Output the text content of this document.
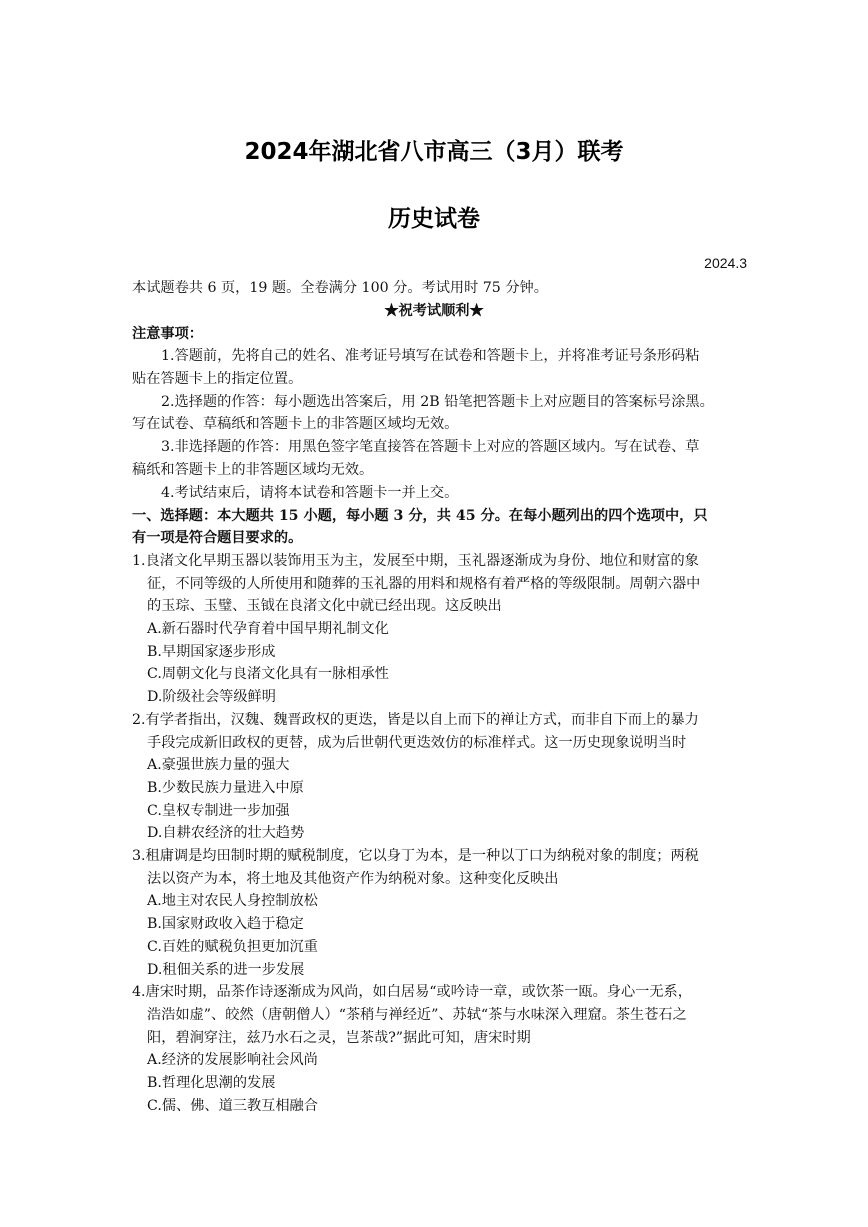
2024年湖北省八市高三（3月）联考
历史试卷
2024.3
本试题卷共 6 页，19 题。全卷满分 100 分。考试用时 75 分钟。
★祝考试顺利★
注意事项：
1.答题前，先将自己的姓名、准考证号填写在试卷和答题卡上，并将准考证号条形码粘
贴在答题卡上的指定位置。
2.选择题的作答：每小题选出答案后，用 2B 铅笔把答题卡上对应题目的答案标号涂黑。
写在试卷、草稿纸和答题卡上的非答题区域均无效。
3.非选择题的作答：用黑色签字笔直接答在答题卡上对应的答题区域内。写在试卷、草
稿纸和答题卡上的非答题区域均无效。
4.考试结束后，请将本试卷和答题卡一并上交。
一、选择题：本大题共 15 小题，每小题 3 分，共 45 分。在每小题列出的四个选项中，只
有一项是符合题目要求的。
1.良渚文化早期玉器以装饰用玉为主，发展至中期，玉礼器逐渐成为身份、地位和财富的象
征，不同等级的人所使用和随葬的玉礼器的用料和规格有着严格的等级限制。周朝六器中
的玉琮、玉璧、玉钺在良渚文化中就已经出现。这反映出
A.新石器时代孕育着中国早期礼制文化
B.早期国家逐步形成
C.周朝文化与良渚文化具有一脉相承性
D.阶级社会等级鲜明
2.有学者指出，汉魏、魏晋政权的更迭，皆是以自上而下的禅让方式，而非自下而上的暴力
手段完成新旧政权的更替，成为后世朝代更迭效仿的标准样式。这一历史现象说明当时
A.豪强世族力量的强大
B.少数民族力量进入中原
C.皇权专制进一步加强
D.自耕农经济的壮大趋势
3.租庸调是均田制时期的赋税制度，它以身丁为本，是一种以丁口为纳税对象的制度；两税
法以资产为本，将土地及其他资产作为纳税对象。这种变化反映出
A.地主对农民人身控制放松
B.国家财政收入趋于稳定
C.百姓的赋税负担更加沉重
D.租佃关系的进一步发展
4.唐宋时期，品茶作诗逐渐成为风尚，如白居易“或吟诗一章，或饮茶一瓯。身心一无系，
浩浩如虚”、皎然（唐朝僧人）“茶稍与禅经近”、苏轼“茶与水味深入理窟。茶生苍石之
阳，碧涧穿注，兹乃水石之灵，岂茶哉?”据此可知，唐宋时期
A.经济的发展影响社会风尚
B.哲理化思潮的发展
C.儒、佛、道三教互相融合
